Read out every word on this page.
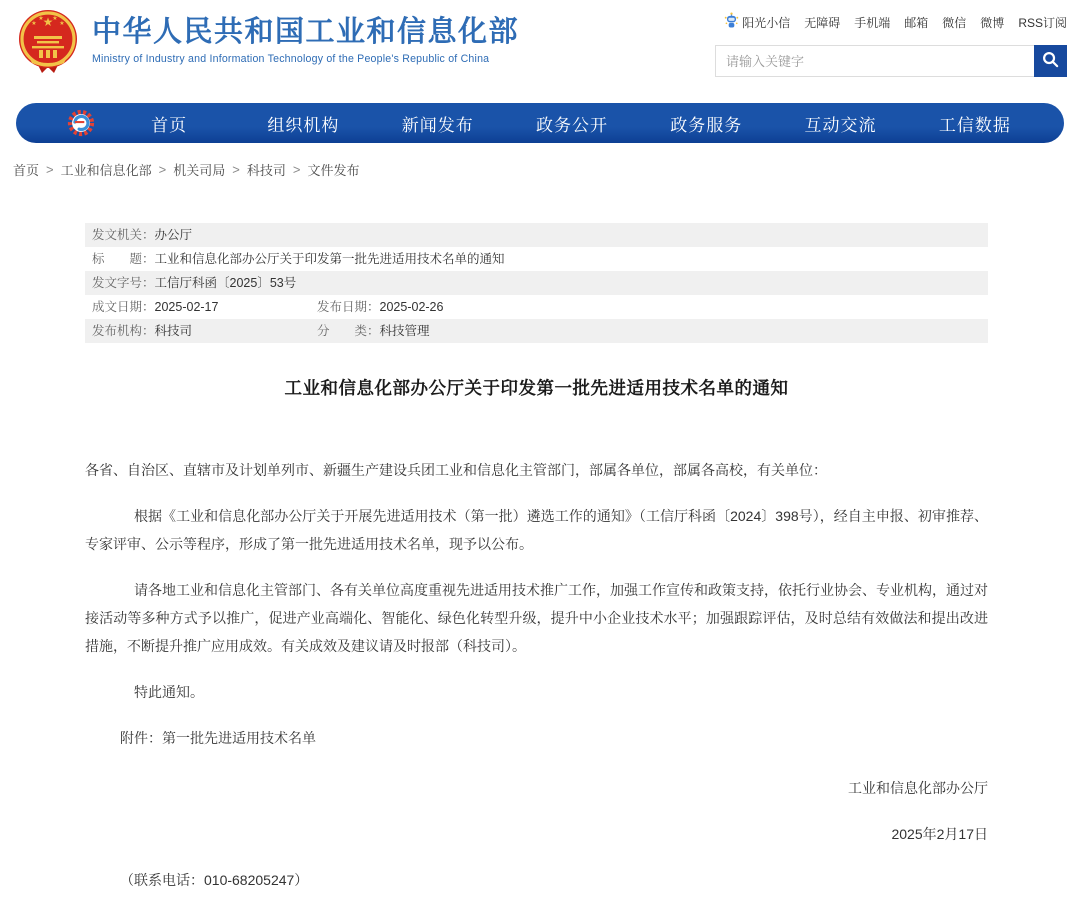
★
★
★ ★
★ 中华人民共和国工业和信息化部
Ministry of Industry and Information Technology of the People's Republic of China
阳光小信 无障碍 手机端 邮箱 微信 微博 RSS订阅
请输入关键字
首页	组织机构	新闻发布	政务公开	政务服务	互动交流	工信数据
首页 > 工业和信息化部 > 机关司局 > 科技司 > 文件发布
发文机关： 办公厅
标　　题： 工业和信息化部办公厅关于印发第一批先进适用技术名单的通知
发文字号： 工信厅科函〔2025〕53号
成文日期： 2025-02-17	发布日期： 2025-02-26
发布机构： 科技司	分　　类： 科技管理
工业和信息化部办公厅关于印发第一批先进适用技术名单的通知

各省、自治区、直辖市及计划单列市、新疆生产建设兵团工业和信息化主管部门，部属各单位，部属各高校，有关单位：

根据《工业和信息化部办公厅关于开展先进适用技术（第一批）遴选工作的通知》（工信厅科函〔2024〕398号），经自主申报、初审推荐、专家评审、公示等程序，形成了第一批先进适用技术名单，现予以公布。

请各地工业和信息化主管部门、各有关单位高度重视先进适用技术推广工作，加强工作宣传和政策支持，依托行业协会、专业机构，通过对接活动等多种方式予以推广，促进产业高端化、智能化、绿色化转型升级，提升中小企业技术水平；加强跟踪评估，及时总结有效做法和提出改进措施，不断提升推广应用成效。有关成效及建议请及时报部（科技司）。

特此通知。

附件：第一批先进适用技术名单

工业和信息化部办公厅

2025年2月17日

（联系电话：010-68205247）
